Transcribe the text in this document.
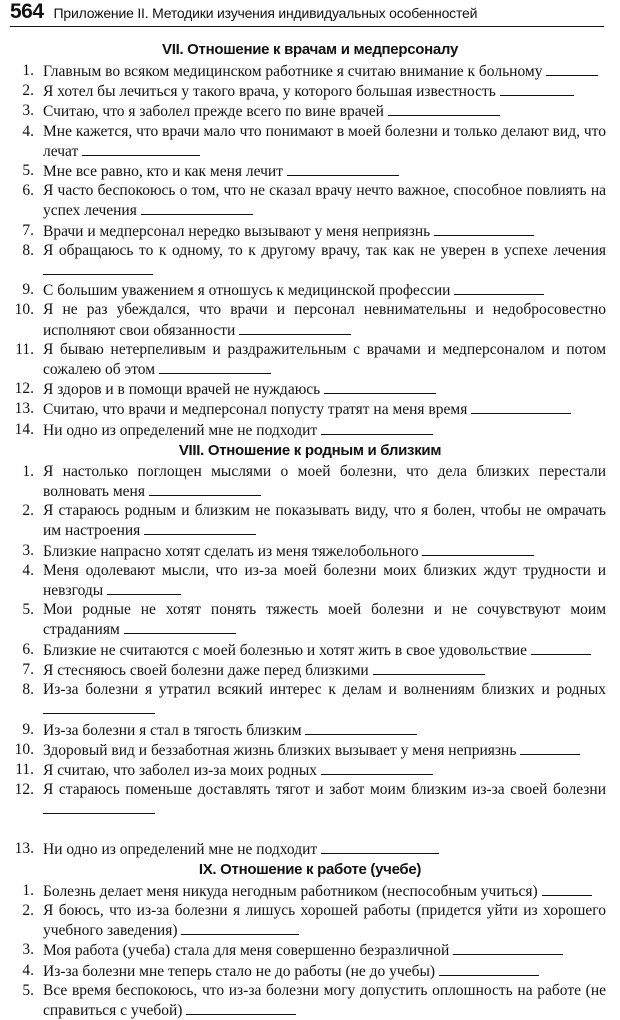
564 Приложение II. Методики изучения индивидуальных особенностей
VII. Отношение к врачам и медперсоналу
1. Главным во всяком медицинском работнике я считаю внимание к больному
2. Я хотел бы лечиться у такого врача, у которого большая известность
3. Считаю, что я заболел прежде всего по вине врачей
4. Мне кажется, что врачи мало что понимают в моей болезни и только делают вид, что лечат
5. Мне все равно, кто и как меня лечит
6. Я часто беспокоюсь о том, что не сказал врачу нечто важное, способное повлиять на успех лечения
7. Врачи и медперсонал нередко вызывают у меня неприязнь
8. Я обращаюсь то к одному, то к другому врачу, так как не уверен в успехе лечения
9. С большим уважением я отношусь к медицинской профессии
10. Я не раз убеждался, что врачи и персонал невнимательны и недобросовестно исполняют свои обязанности
11. Я бываю нетерпеливым и раздражительным с врачами и медперсоналом и потом сожалею об этом
12. Я здоров и в помощи врачей не нуждаюсь
13. Считаю, что врачи и медперсонал попусту тратят на меня время
14. Ни одно из определений мне не подходит
VIII. Отношение к родным и близким
1. Я настолько поглощен мыслями о моей болезни, что дела близких перестали волновать меня
2. Я стараюсь родным и близким не показывать виду, что я болен, чтобы не омрачать им настроения
3. Близкие напрасно хотят сделать из меня тяжелобольного
4. Меня одолевают мысли, что из-за моей болезни моих близких ждут трудности и невзгоды
5. Мои родные не хотят понять тяжесть моей болезни и не сочувствуют моим страданиям
6. Близкие не считаются с моей болезнью и хотят жить в свое удовольствие
7. Я стесняюсь своей болезни даже перед близкими
8. Из-за болезни я утратил всякий интерес к делам и волнениям близких и родных
9. Из-за болезни я стал в тягость близким
10. Здоровый вид и беззаботная жизнь близких вызывает у меня неприязнь
11. Я считаю, что заболел из-за моих родных
12. Я стараюсь поменьше доставлять тягот и забот моим близким из-за своей болезни
13. Ни одно из определений мне не подходит
IX. Отношение к работе (учебе)
1. Болезнь делает меня никуда негодным работником (неспособным учиться)
2. Я боюсь, что из-за болезни я лишусь хорошей работы (придется уйти из хорошего учебного заведения)
3. Моя работа (учеба) стала для меня совершенно безразличной
4. Из-за болезни мне теперь стало не до работы (не до учебы)
5. Все время беспокоюсь, что из-за болезни могу допустить оплошность на работе (не справиться с учебой)
